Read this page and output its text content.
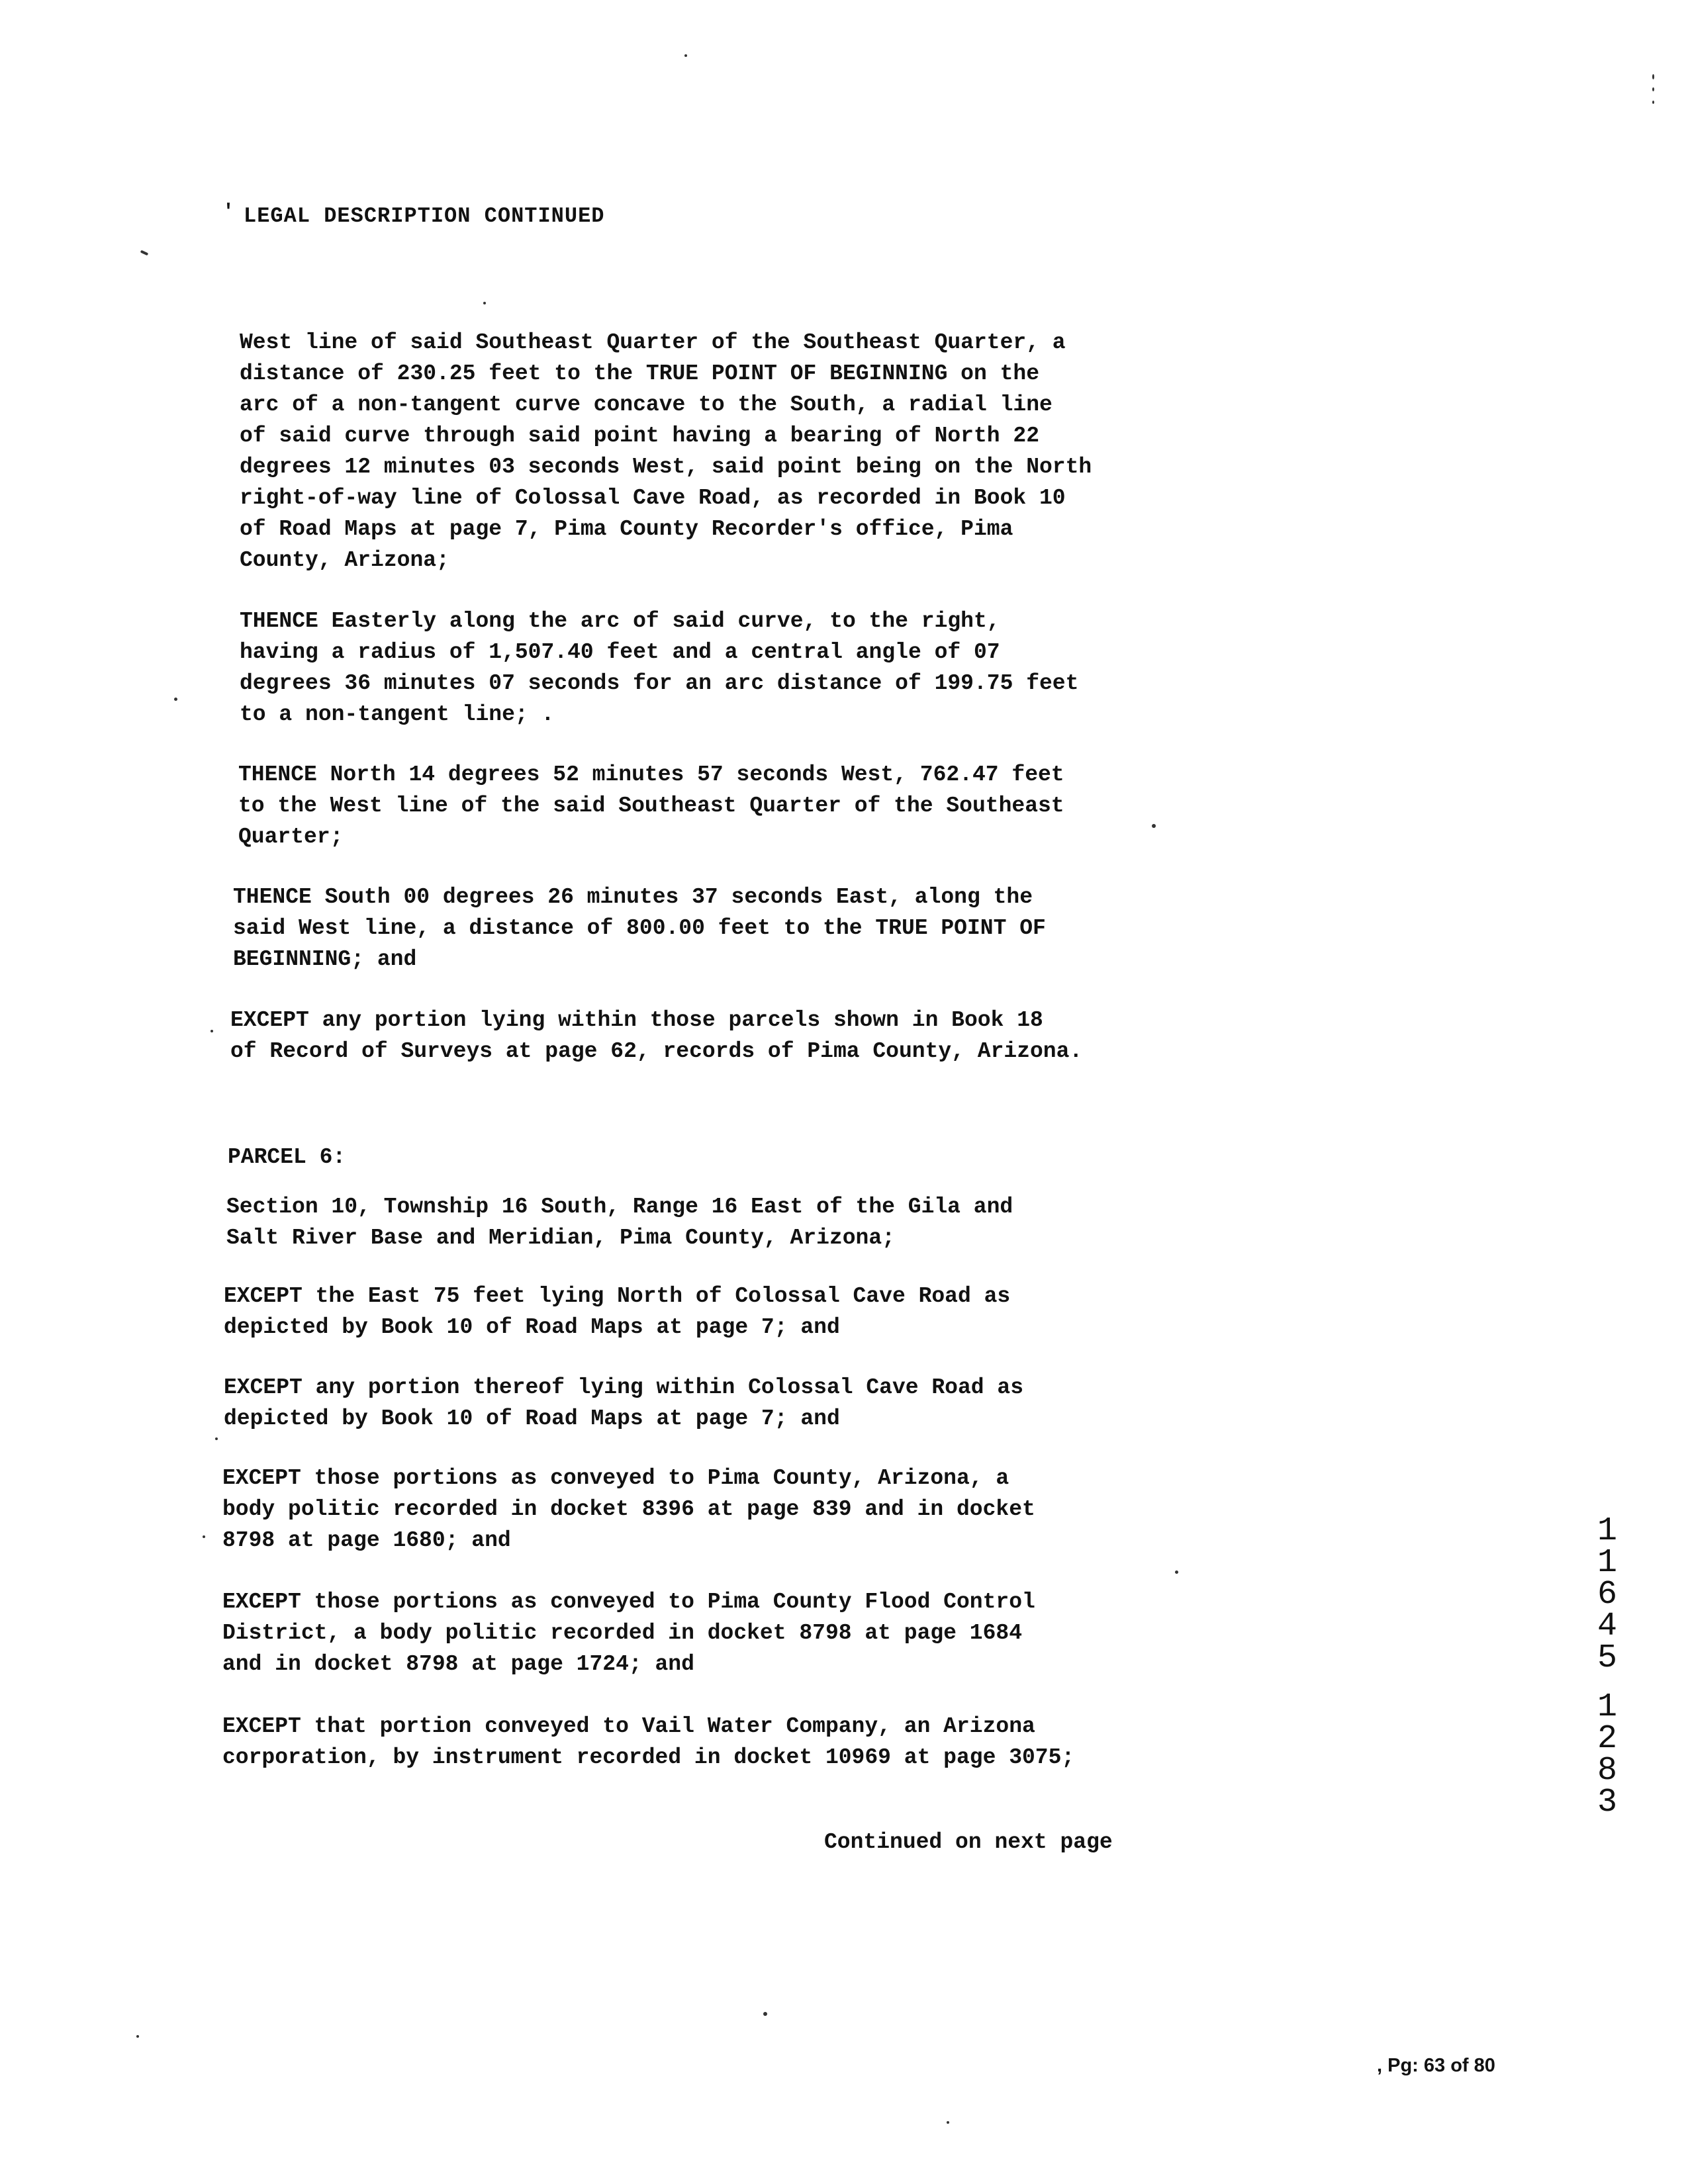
' LEGAL DESCRIPTION CONTINUED

West line of said Southeast Quarter of the Southeast Quarter, a
distance of 230.25 feet to the TRUE POINT OF BEGINNING on the
arc of a non-tangent curve concave to the South, a radial line
of said curve through said point having a bearing of North 22
degrees 12 minutes 03 seconds West, said point being on the North
right-of-way line of Colossal Cave Road, as recorded in Book 10
of Road Maps at page 7, Pima County Recorder's office, Pima
County, Arizona;

THENCE Easterly along the arc of said curve, to the right,
having a radius of 1,507.40 feet and a central angle of 07
degrees 36 minutes 07 seconds for an arc distance of 199.75 feet
to a non-tangent line; .

THENCE North 14 degrees 52 minutes 57 seconds West, 762.47 feet
to the West line of the said Southeast Quarter of the Southeast
Quarter;

THENCE South 00 degrees 26 minutes 37 seconds East, along the
said West line, a distance of 800.00 feet to the TRUE POINT OF
BEGINNING; and

EXCEPT any portion lying within those parcels shown in Book 18
of Record of Surveys at page 62, records of Pima County, Arizona.

PARCEL 6:

Section 10, Township 16 South, Range 16 East of the Gila and
Salt River Base and Meridian, Pima County, Arizona;

EXCEPT the East 75 feet lying North of Colossal Cave Road as
depicted by Book 10 of Road Maps at page 7; and

EXCEPT any portion thereof lying within Colossal Cave Road as
depicted by Book 10 of Road Maps at page 7; and

EXCEPT those portions as conveyed to Pima County, Arizona, a
body politic recorded in docket 8396 at page 839 and in docket
8798 at page 1680; and

EXCEPT those portions as conveyed to Pima County Flood Control
District, a body politic recorded in docket 8798 at page 1684
and in docket 8798 at page 1724; and

EXCEPT that portion conveyed to Vail Water Company, an Arizona
corporation, by instrument recorded in docket 10969 at page 3075;

Continued on next page
1
1
6
4
5
1
2
8
3
, Pg: 63 of 80
